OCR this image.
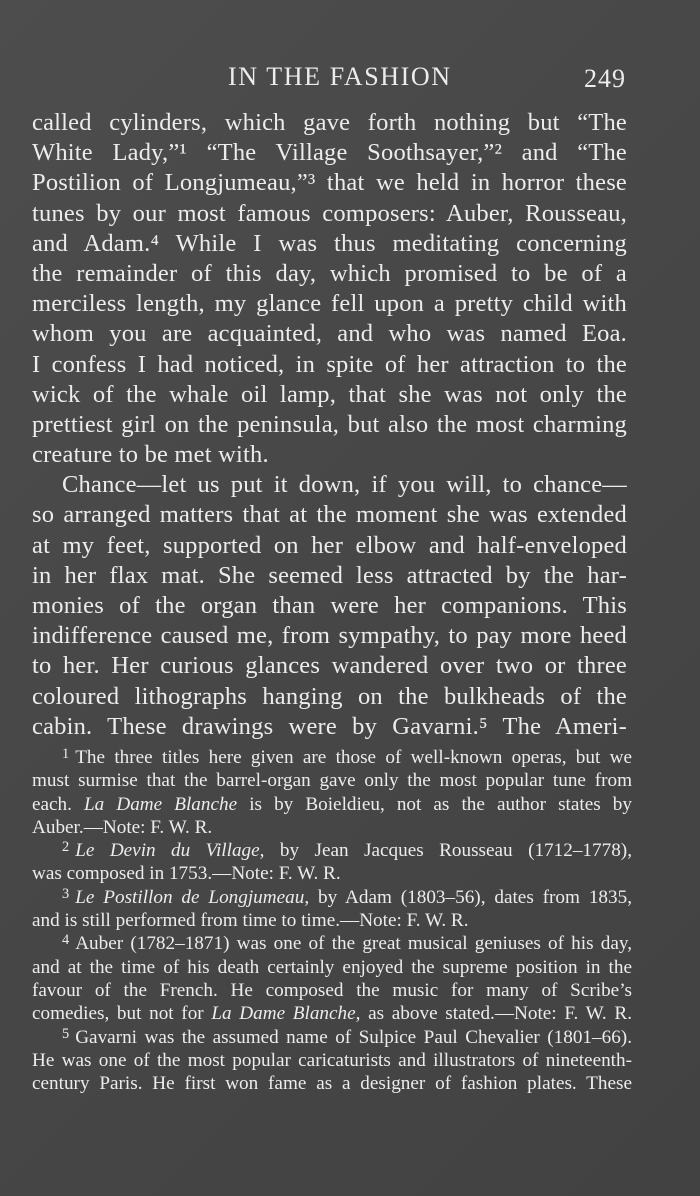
IN THE FASHION	249
called cylinders, which gave forth nothing but “The
White Lady,”¹ “The Village Soothsayer,”² and “The
Postilion of Longjumeau,”³ that we held in horror these
tunes by our most famous composers: Auber, Rousseau,
and Adam.⁴ While I was thus meditating concerning
the remainder of this day, which promised to be of a
merciless length, my glance fell upon a pretty child with
whom you are acquainted, and who was named Eoa.
I confess I had noticed, in spite of her attraction to the
wick of the whale oil lamp, that she was not only the
prettiest girl on the peninsula, but also the most charming
creature to be met with.
Chance—let us put it down, if you will, to chance—
so arranged matters that at the moment she was extended
at my feet, supported on her elbow and half-enveloped
in her flax mat. She seemed less attracted by the har-
monies of the organ than were her companions. This
indifference caused me, from sympathy, to pay more heed
to her. Her curious glances wandered over two or three
coloured lithographs hanging on the bulkheads of the
cabin. These drawings were by Gavarni.⁵ The Ameri-
$^1$ The three titles here given are those of well-known operas, but we
must surmise that the barrel-organ gave only the most popular tune from
each. La Dame Blanche is by Boieldieu, not as the author states by
Auber.—Note: F. W. R.
$^2$ Le Devin du Village, by Jean Jacques Rousseau (1712–1778),
was composed in 1753.—Note: F. W. R.
$^3$ Le Postillon de Longjumeau, by Adam (1803–56), dates from 1835,
and is still performed from time to time.—Note: F. W. R.
$^4$ Auber (1782–1871) was one of the great musical geniuses of his day,
and at the time of his death certainly enjoyed the supreme position in the
favour of the French. He composed the music for many of Scribe’s
comedies, but not for La Dame Blanche, as above stated.—Note: F. W. R.
$^5$ Gavarni was the assumed name of Sulpice Paul Chevalier (1801–66).
He was one of the most popular caricaturists and illustrators of nineteenth-
century Paris. He first won fame as a designer of fashion plates. These
